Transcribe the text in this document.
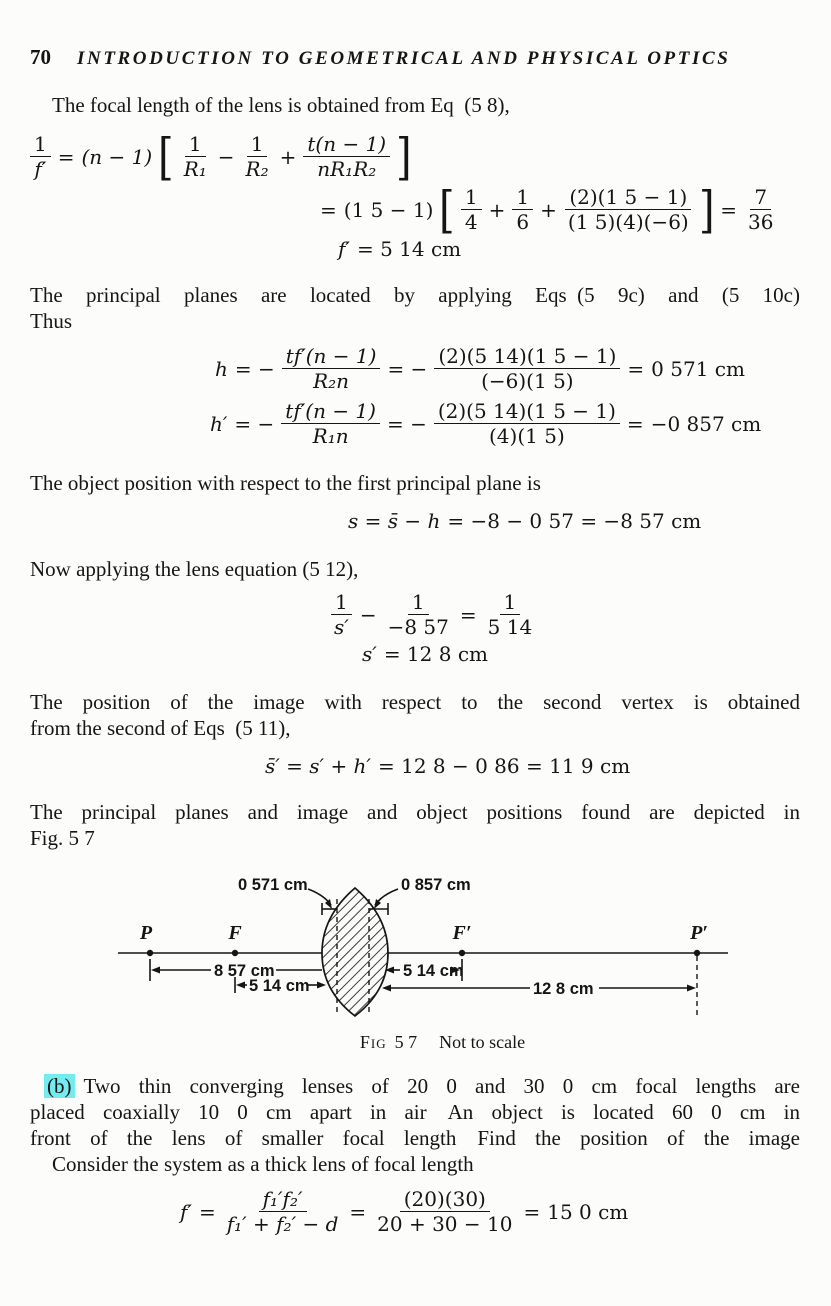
70 INTRODUCTION TO GEOMETRICAL AND PHYSICAL OPTICS

The focal length of the lens is obtained from Eq (5 8),

$\frac{1}{f'} = (n - 1)$ [ $\frac{1}{\text{R₁}} - \frac{1}{\text{R₂}} + \frac{t(n - 1)}{\text{nR₁R₂}}$ ]
= (1 5 − 1) [ $\frac{1}{4} + \frac{1}{6} + \frac{(2)(1 5 - 1)}{(1 5)(4)(-6)}$ ] = $\frac{7}{36}$
f′ = 5 14 cm
The principal planes are located by applying Eqs (5 9c) and (5 10c)
Thus
h = − $\frac{tf'(n - 1)}{\text{R₂n}}$ = − $\frac{(2)(5 14)(1 5 - 1)}{(-6)(1 5)} = 0$ 571 cm
h′ = − $\frac{tf'(n - 1)}{\text{R₁n}}$ = − $\frac{(2)(5 14)(1 5 - 1)}{(4)(1 5)} = -0$ 857 cm

The object position with respect to the first principal plane is

s = s̄ − h = −8 − 0 57 = −8 57 cm

Now applying the lens equation (5 12),

$\frac{1}{s'} - \frac{1}{-8 57} = \frac{1}{5 14}$
s′ = 12 8 cm
The position of the image with respect to the second vertex is obtained
from the second of Eqs (5 11),
s̄′ = s′ + h′ = 12 8 − 0 86 = 11 9 cm
The principal planes and image and object positions found are depicted in
Fig. 5 7
0 571 cm	0 857 cm
P	F	F′	P′
8 57 cm
5 14 cm
5 14 cm
12 8 cm
Fig 5 7 Not to scale
(b) Two thin converging lenses of 20 0 and 30 0 cm focal lengths are
placed coaxially 10 0 cm apart in air An object is located 60 0 cm in
front of the lens of smaller focal length Find the position of the image
Consider the system as a thick lens of focal length
$f' = \frac{\text{f₁′f₂′}}{\text{f₁′ + f₂′ − d}} = \frac{(20)(30)}{20 + 30 - 10} = 15$ 0 cm
